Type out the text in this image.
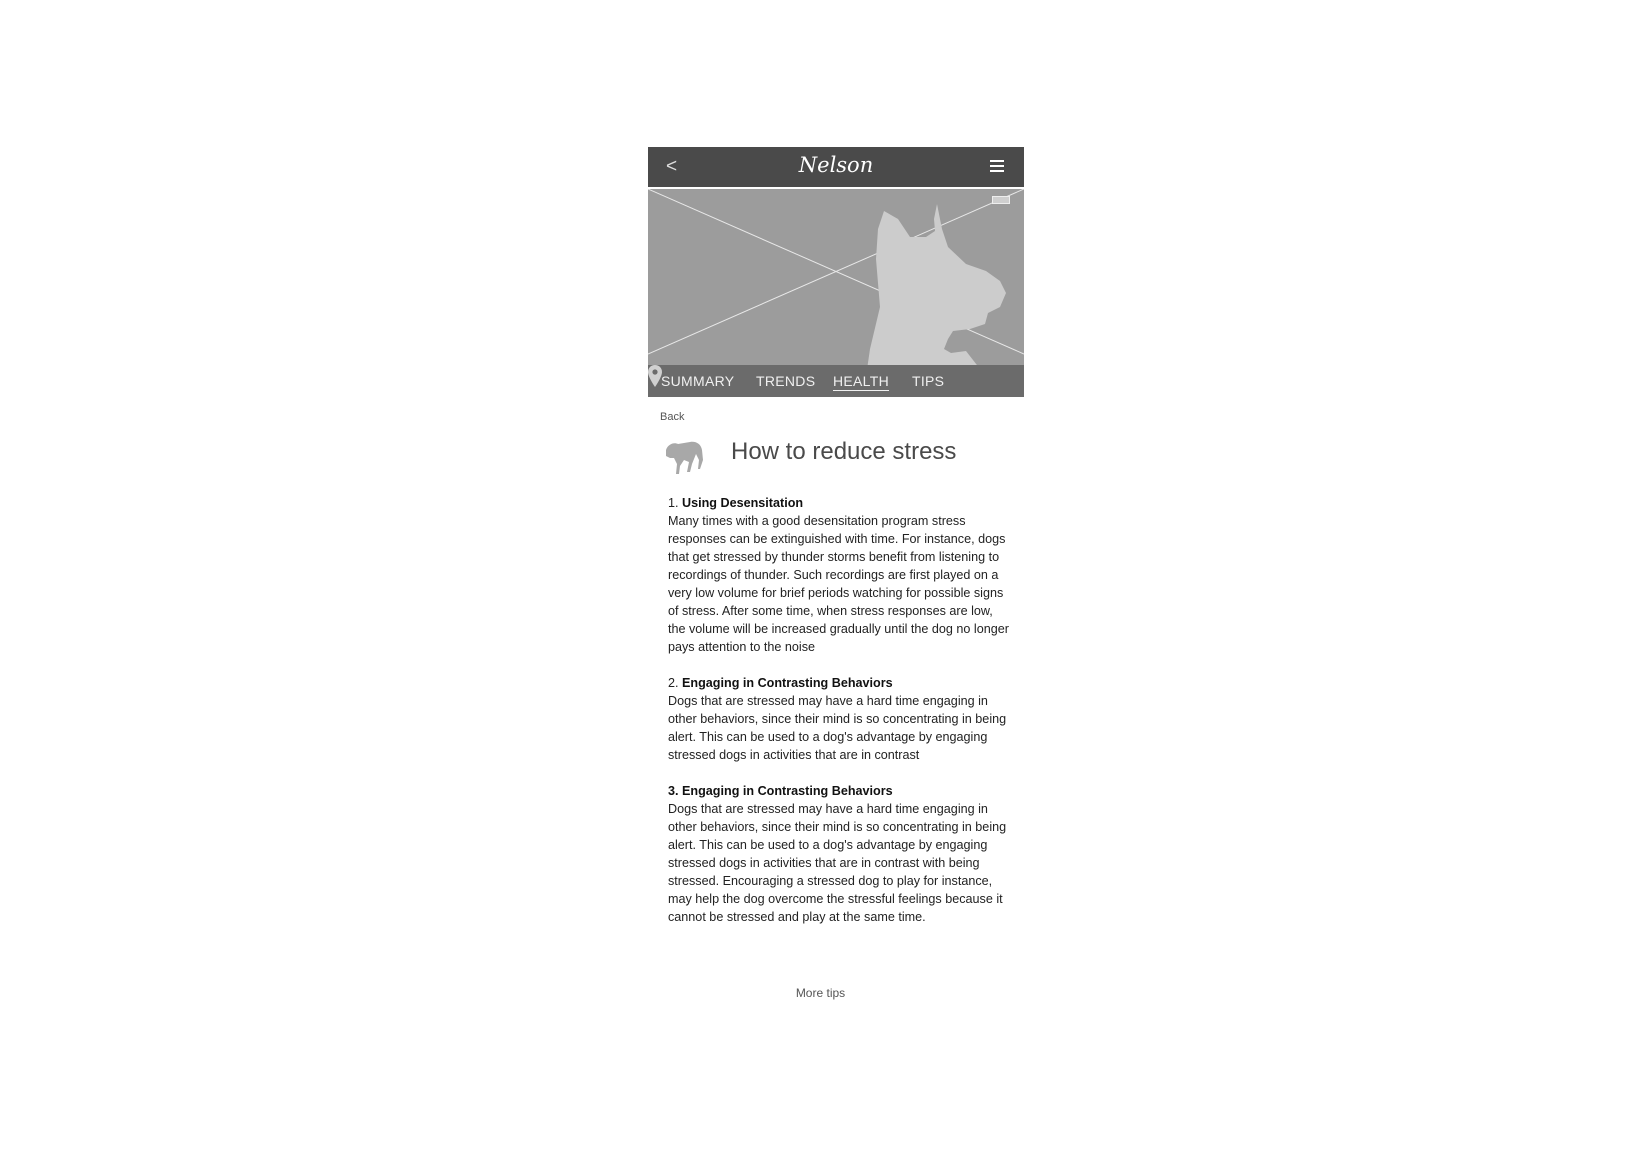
<	Nelson
SUMMARY TRENDS HEALTH TIPS
Back
How to reduce stress
1. Using Desensitation
Many times with a good desensitation program stress responses can be extinguished with time. For instance, dogs that get stressed by thunder storms benefit from listening to recordings of thunder. Such recordings are first played on a very low volume for brief periods watching for possible signs of stress. After some time, when stress responses are low, the volume will be increased gradually until the dog no longer pays attention to the noise
2. Engaging in Contrasting Behaviors
Dogs that are stressed may have a hard time engaging in other behaviors, since their mind is so concentrating in being alert. This can be used to a dog's advantage by engaging stressed dogs in activities that are in contrast
3. Engaging in Contrasting Behaviors
Dogs that are stressed may have a hard time engaging in other behaviors, since their mind is so concentrating in being alert. This can be used to a dog's advantage by engaging stressed dogs in activities that are in contrast with being stressed. Encouraging a stressed dog to play for instance, may help the dog overcome the stressful feelings because it cannot be stressed and play at the same time.
More tips
